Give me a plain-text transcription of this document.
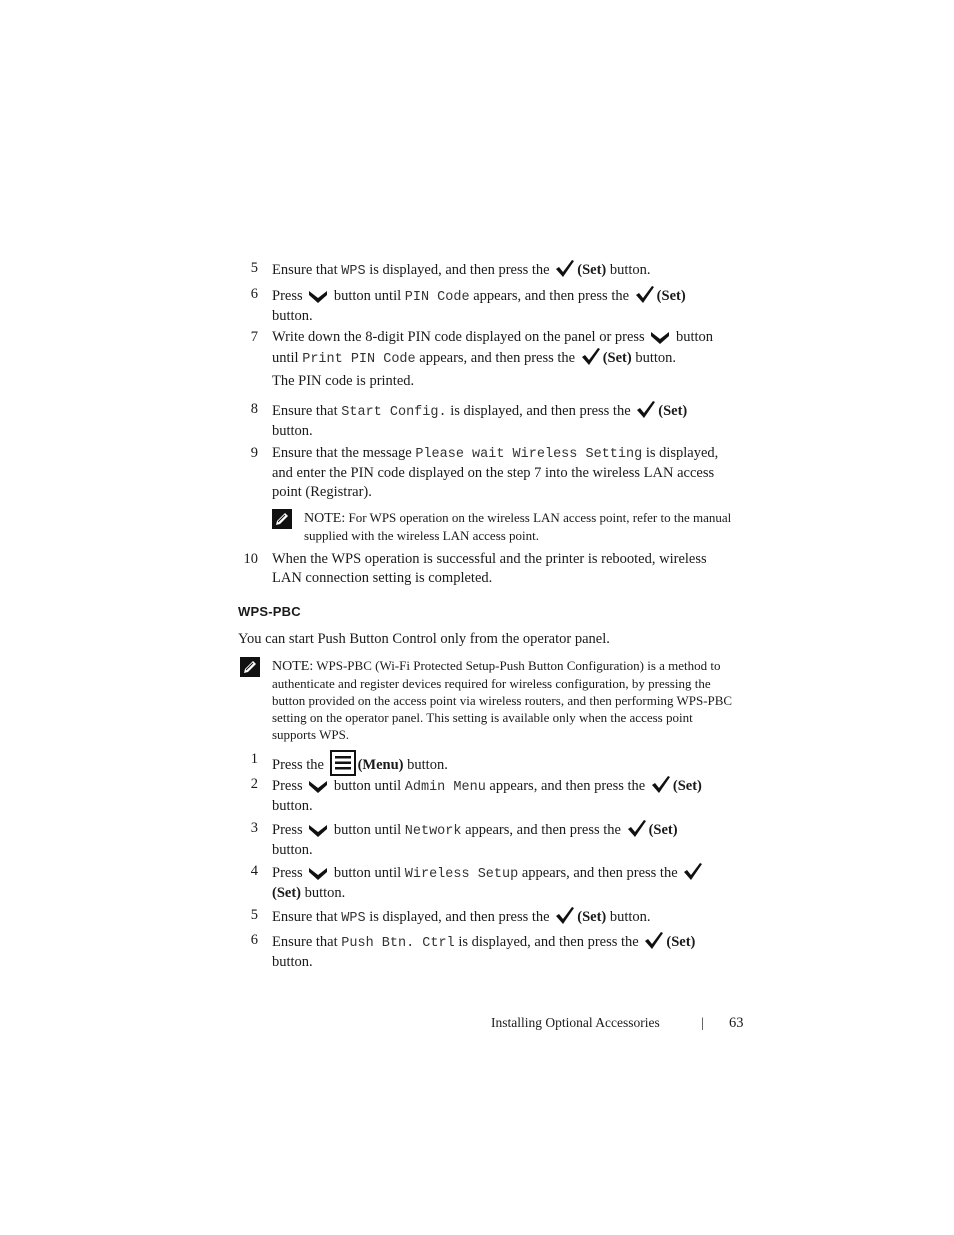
5 Ensure that WPS is displayed, and then press the
(Set) button.
6 Press
button until PIN Code appears, and then press the
(Set)
button.
7 Write down the 8-digit PIN code displayed on the panel or press
button until Print PIN Code appears, and then press the
(Set) button.
The PIN code is printed.
8 Ensure that Start Config. is displayed, and then press the
(Set)
button.
9 Ensure that the message Please wait Wireless Setting is displayed, and enter the PIN code displayed on the step 7 into the wireless LAN access point (Registrar).
NOTE: For WPS operation on the wireless LAN access point, refer to the manual supplied with the wireless LAN access point.
10 When the WPS operation is successful and the printer is rebooted, wireless LAN connection setting is completed.
WPS-PBC
You can start Push Button Control only from the operator panel.
NOTE: WPS-PBC (Wi-Fi Protected Setup-Push Button Configuration) is a method to authenticate and register devices required for wireless configuration, by pressing the button provided on the access point via wireless routers, and then performing WPS-PBC setting on the operator panel. This setting is available only when the access point supports WPS.
1 Press the
(Menu) button.
2 Press
button until Admin Menu appears, and then press the
(Set)
button.
3 Press
button until Network appears, and then press the
(Set)
button.
4 Press
button until Wireless Setup appears, and then press the

(Set) button.
5 Ensure that WPS is displayed, and then press the
(Set) button.
6 Ensure that Push Btn. Ctrl is displayed, and then press the
(Set)
button.
Installing Optional Accessories	| 63
